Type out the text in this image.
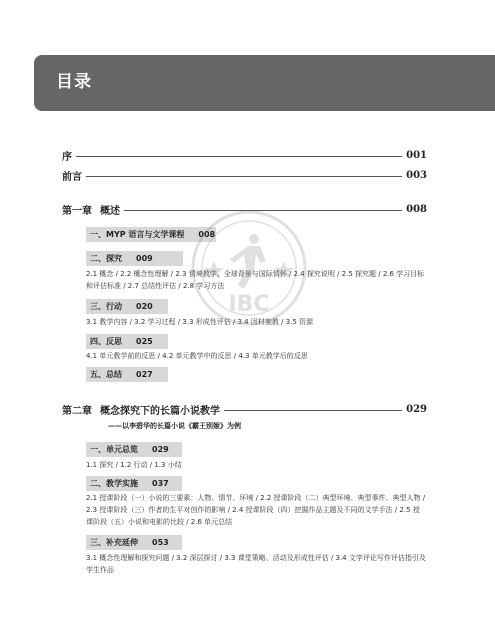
目录
序	001
前言	003
第一章 概述	008
一、MYP 语言与文学课程 008
二、探究 009
2.1 概念 / 2.2 概念性理解 / 2.3 情境教学、全球背景与国际情怀 / 2.4 探究说明 / 2.5 探究题 / 2.6 学习目标和评估标准 / 2.7 总结性评估 / 2.8 学习方法
三、行动 020
3.1 教学内容 / 3.2 学习过程 / 3.3 形成性评估 / 3.4 因材施教 / 3.5 资源
四、反思 025
4.1 单元教学前的反思 / 4.2 单元教学中的反思 / 4.3 单元教学后的反思
五、总结 027
第二章 概念探究下的长篇小说教学	029
——以李碧华的长篇小说《霸王别姬》为例
一、单元总览 029
1.1 探究 / 1.2 行动 / 1.3 小结
二、教学实施 037
2.1 授课阶段（一）小说的三要素：人物、情节、环境 / 2.2 授课阶段（二）典型环境、典型事件、典型人物 / 2.3 授课阶段（三）作者的生平对创作的影响 / 2.4 授课阶段（四）挖掘作品主题及不同的文学手法 / 2.5 授课阶段（五）小说和电影的比较 / 2.6 单元总结
三、补充延伸 053
3.1 概念性理解和探究问题 / 3.2 深层探讨 / 3.3 课堂策略、活动及形成性评估 / 3.4 文学评论写作评估指引及学生作品
IBC
